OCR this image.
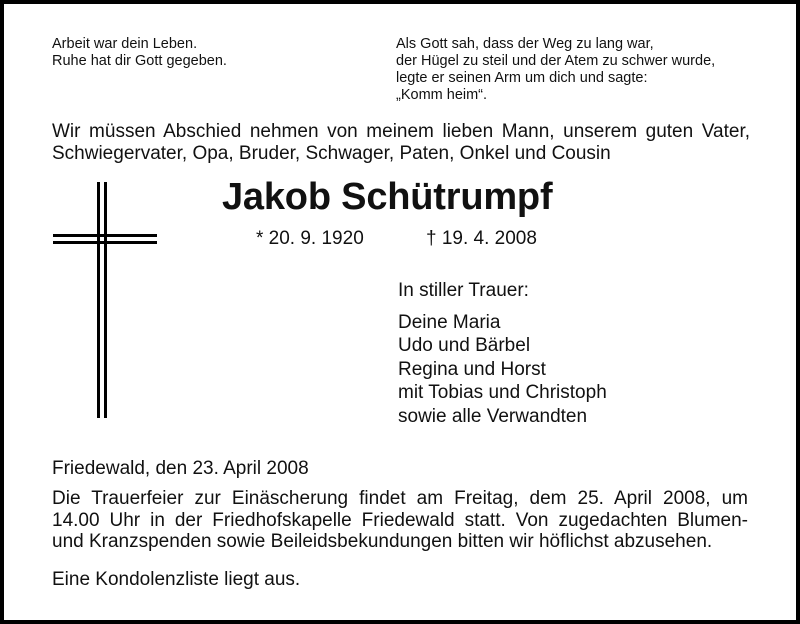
Arbeit war dein Leben.
Ruhe hat dir Gott gegeben.
Als Gott sah, dass der Weg zu lang war,
der Hügel zu steil und der Atem zu schwer wurde,
legte er seinen Arm um dich und sagte:
„Komm heim“.
Wir müssen Abschied nehmen von meinem lieben Mann, unserem guten Vater,
Schwiegervater, Opa, Bruder, Schwager, Paten, Onkel und Cousin
Jakob Schütrumpf
* 20. 9. 1920	† 19. 4. 2008
In stiller Trauer:
Deine Maria
Udo und Bärbel
Regina und Horst
mit Tobias und Christoph
sowie alle Verwandten
Friedewald, den 23. April 2008
Die Trauerfeier zur Einäscherung findet am Freitag, dem 25. April 2008, um
14.00 Uhr in der Friedhofskapelle Friedewald statt. Von zugedachten Blumen-
und Kranzspenden sowie Beileidsbekundungen bitten wir höflichst abzusehen.
Eine Kondolenzliste liegt aus.
